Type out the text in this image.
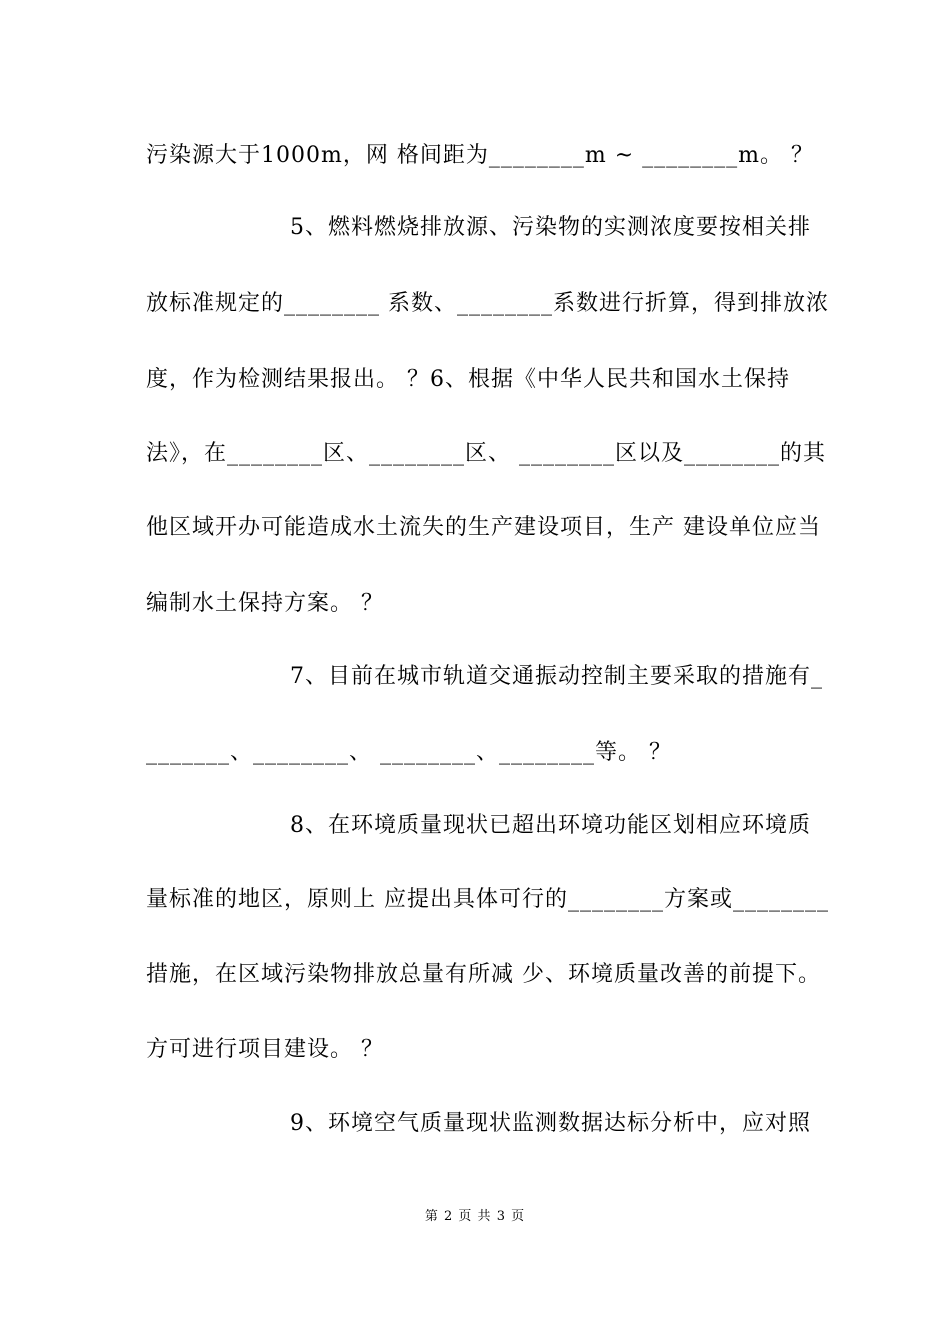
污染源大于1000m，网 格间距为________m ~ ________m。 ？
5、燃料燃烧排放源、污染物的实测浓度要按相关排
放标准规定的________ 系数、________系数进行折算，得到排放浓
度，作为检测结果报出。 ？6、根据《中华人民共和国水土保持
法》，在________区、________区、 ________区以及________的其
他区域开办可能造成水土流失的生产建设项目，生产 建设单位应当
编制水土保持方案。 ？
7、目前在城市轨道交通振动控制主要采取的措施有_
_______、________、 ________、________等。 ？
8、在环境质量现状已超出环境功能区划相应环境质
量标准的地区，原则上 应提出具体可行的________方案或________
措施，在区域污染物排放总量有所减 少、环境质量改善的前提下。
方可进行项目建设。 ？
9、环境空气质量现状监测数据达标分析中，应对照
第 2 页 共 3 页
